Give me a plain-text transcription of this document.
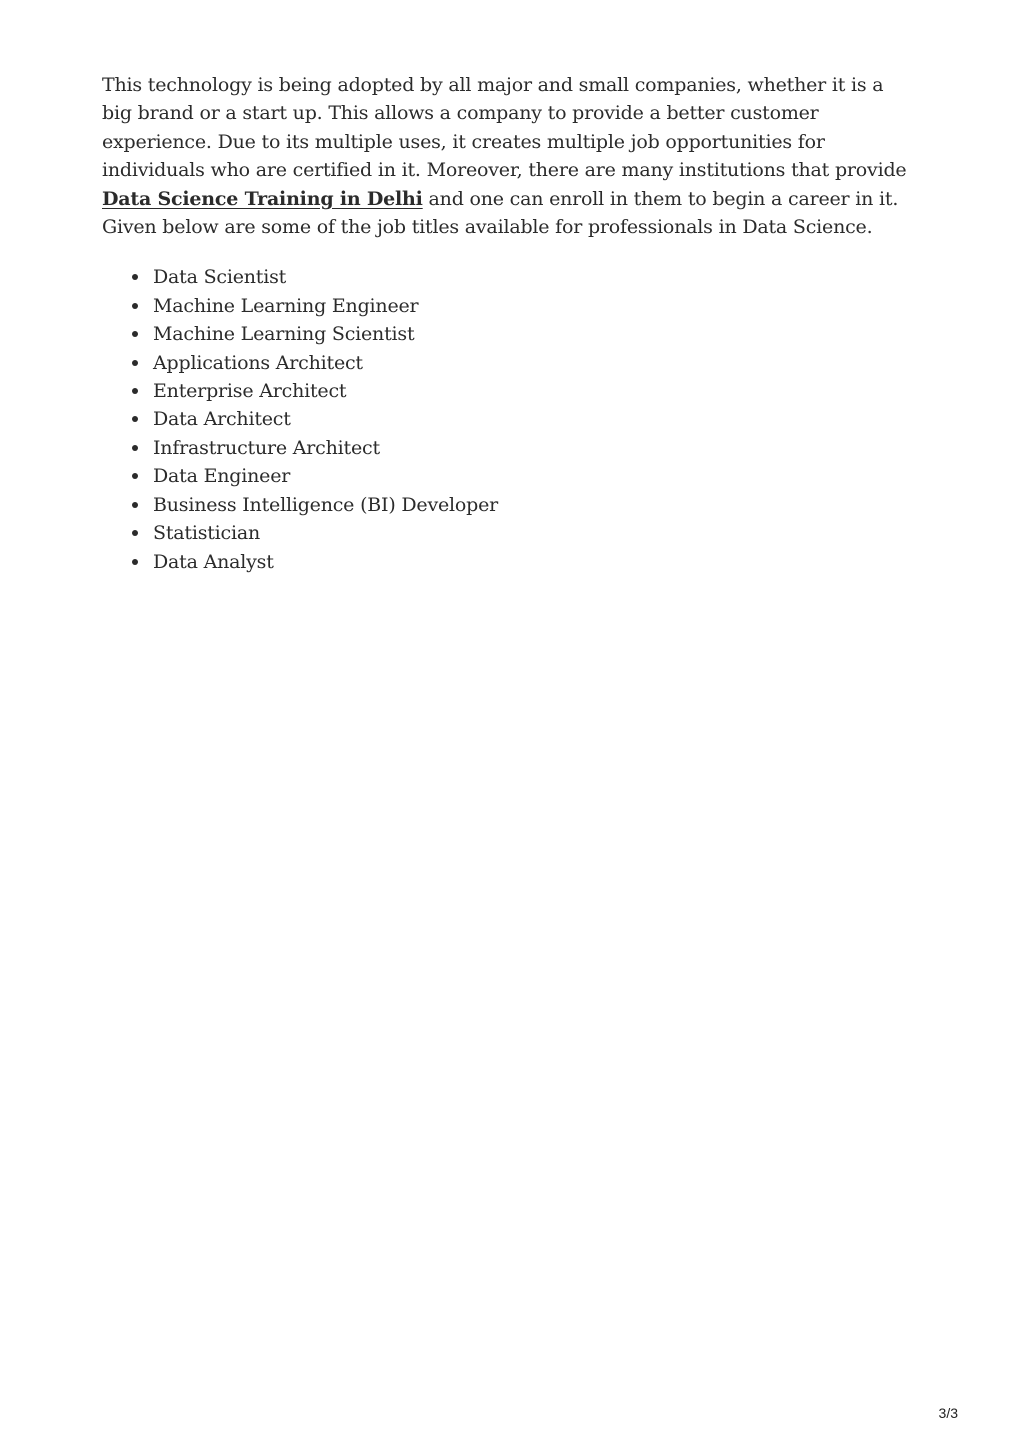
This technology is being adopted by all major and small companies, whether it is a big brand or a start up. This allows a company to provide a better customer experience. Due to its multiple uses, it creates multiple job opportunities for individuals who are certified in it. Moreover, there are many institutions that provide Data Science Training in Delhi and one can enroll in them to begin a career in it. Given below are some of the job titles available for professionals in Data Science.

Data Scientist
Machine Learning Engineer
Machine Learning Scientist
Applications Architect
Enterprise Architect
Data Architect
Infrastructure Architect
Data Engineer
Business Intelligence (BI) Developer
Statistician
Data Analyst
3/3
